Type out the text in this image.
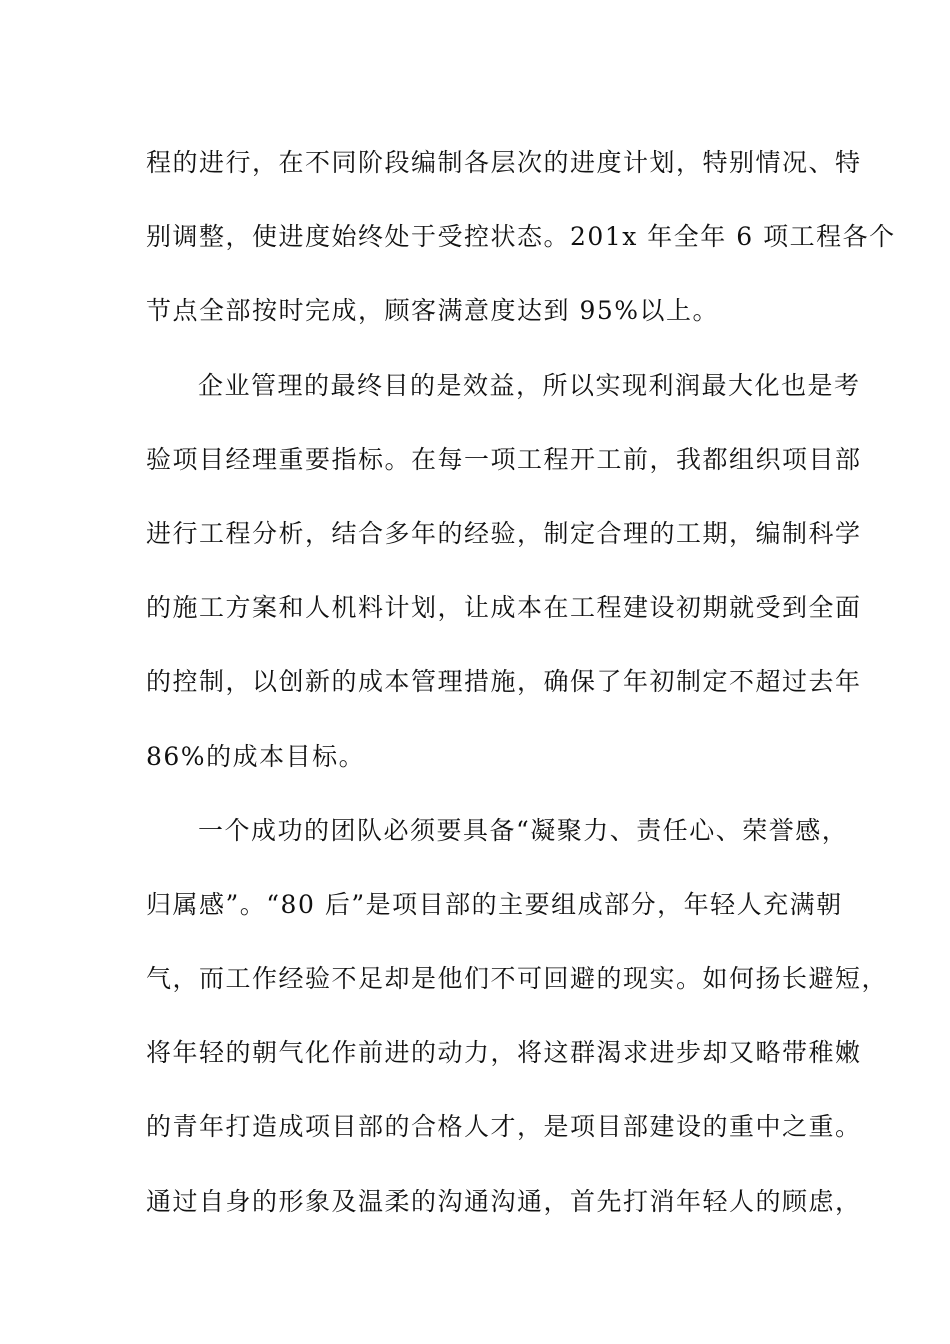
程的进行，在不同阶段编制各层次的进度计划，特别情况、特
别调整，使进度始终处于受控状态。201x 年全年 6 项工程各个
节点全部按时完成，顾客满意度达到 95%以上。
企业管理的最终目的是效益，所以实现利润最大化也是考
验项目经理重要指标。在每一项工程开工前，我都组织项目部
进行工程分析，结合多年的经验，制定合理的工期，编制科学
的施工方案和人机料计划，让成本在工程建设初期就受到全面
的控制，以创新的成本管理措施，确保了年初制定不超过去年
86%的成本目标。
一个成功的团队必须要具备“凝聚力、责任心、荣誉感，
归属感”。“80 后”是项目部的主要组成部分，年轻人充满朝
气，而工作经验不足却是他们不可回避的现实。如何扬长避短，
将年轻的朝气化作前进的动力，将这群渴求进步却又略带稚嫩
的青年打造成项目部的合格人才，是项目部建设的重中之重。
通过自身的形象及温柔的沟通沟通，首先打消年轻人的顾虑，
